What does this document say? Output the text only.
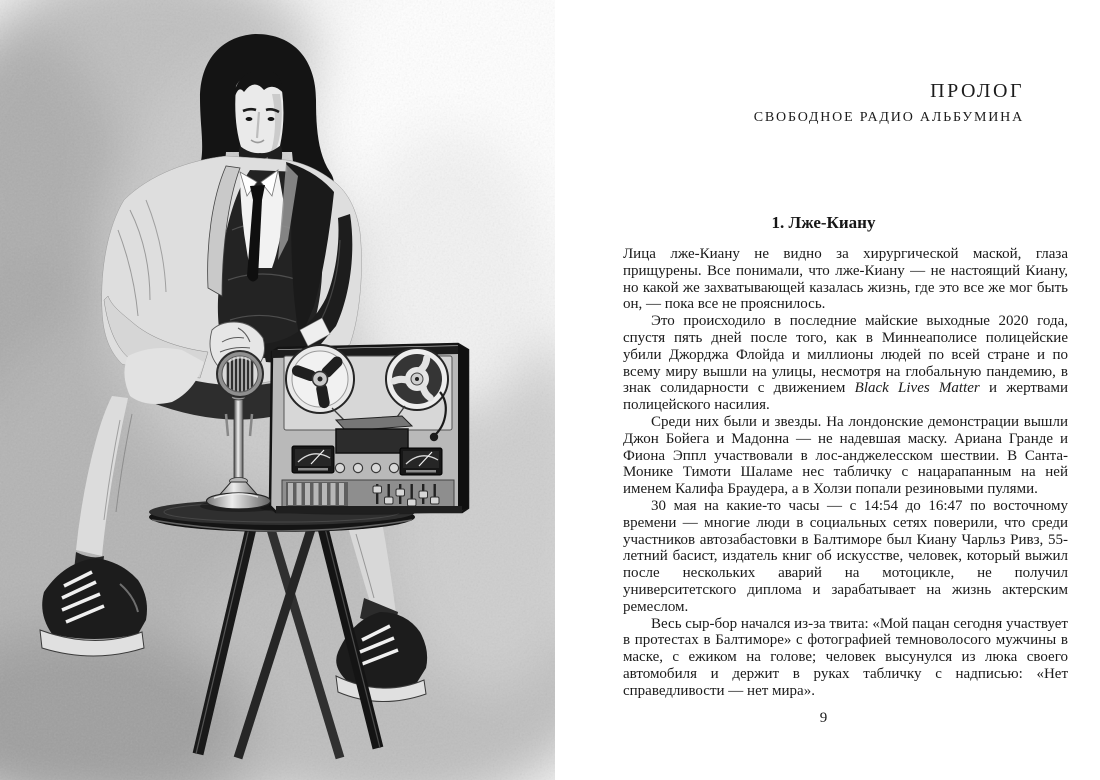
ПРОЛОГ
СВОБОДНОЕ РАДИО АЛЬБУМИНА
1. Лже-Киану

Лица лже-Киану не видно за хирургической маской, глаза прищурены. Все понимали, что лже-Киану — не настоящий Киану, но какой же захватывающей казалась жизнь, где это все же мог быть он, — пока все не прояснилось.

Это происходило в последние майские выходные 2020 года, спустя пять дней после того, как в Миннеаполисе полицейские убили Джорджа Флойда и миллионы людей по всей стране и по всему миру вышли на улицы, несмотря на глобальную пандемию, в знак солидарности с движением Black Lives Matter и жертвами полицейского насилия.

Среди них были и звезды. На лондонские демонстрации вышли Джон Бойега и Мадонна — не надевшая маску. Ариана Гранде и Фиона Эппл участвовали в лос-анджелесском шествии. В Санта-Монике Тимоти Шаламе нес табличку с нацарапанным на ней именем Калифа Браудера, а в Холзи попали резиновыми пулями.

30 мая на какие-то часы — с 14:54 до 16:47 по восточному времени — многие люди в социальных сетях поверили, что среди участников автозабастовки в Балтиморе был Киану Чарльз Ривз, 55-летний басист, издатель книг об искусстве, человек, который выжил после нескольких аварий на мотоцикле, не получил университетского диплома и зарабатывает на жизнь актерским ремеслом.

Весь сыр-бор начался из-за твита: «Мой пацан сегодня участвует в протестах в Балтиморе» с фотографией темноволосого мужчины в маске, с ежиком на голове; человек высунулся из люка своего автомобиля и держит в руках табличку с надписью: «Нет справедливости — нет мира».

9
